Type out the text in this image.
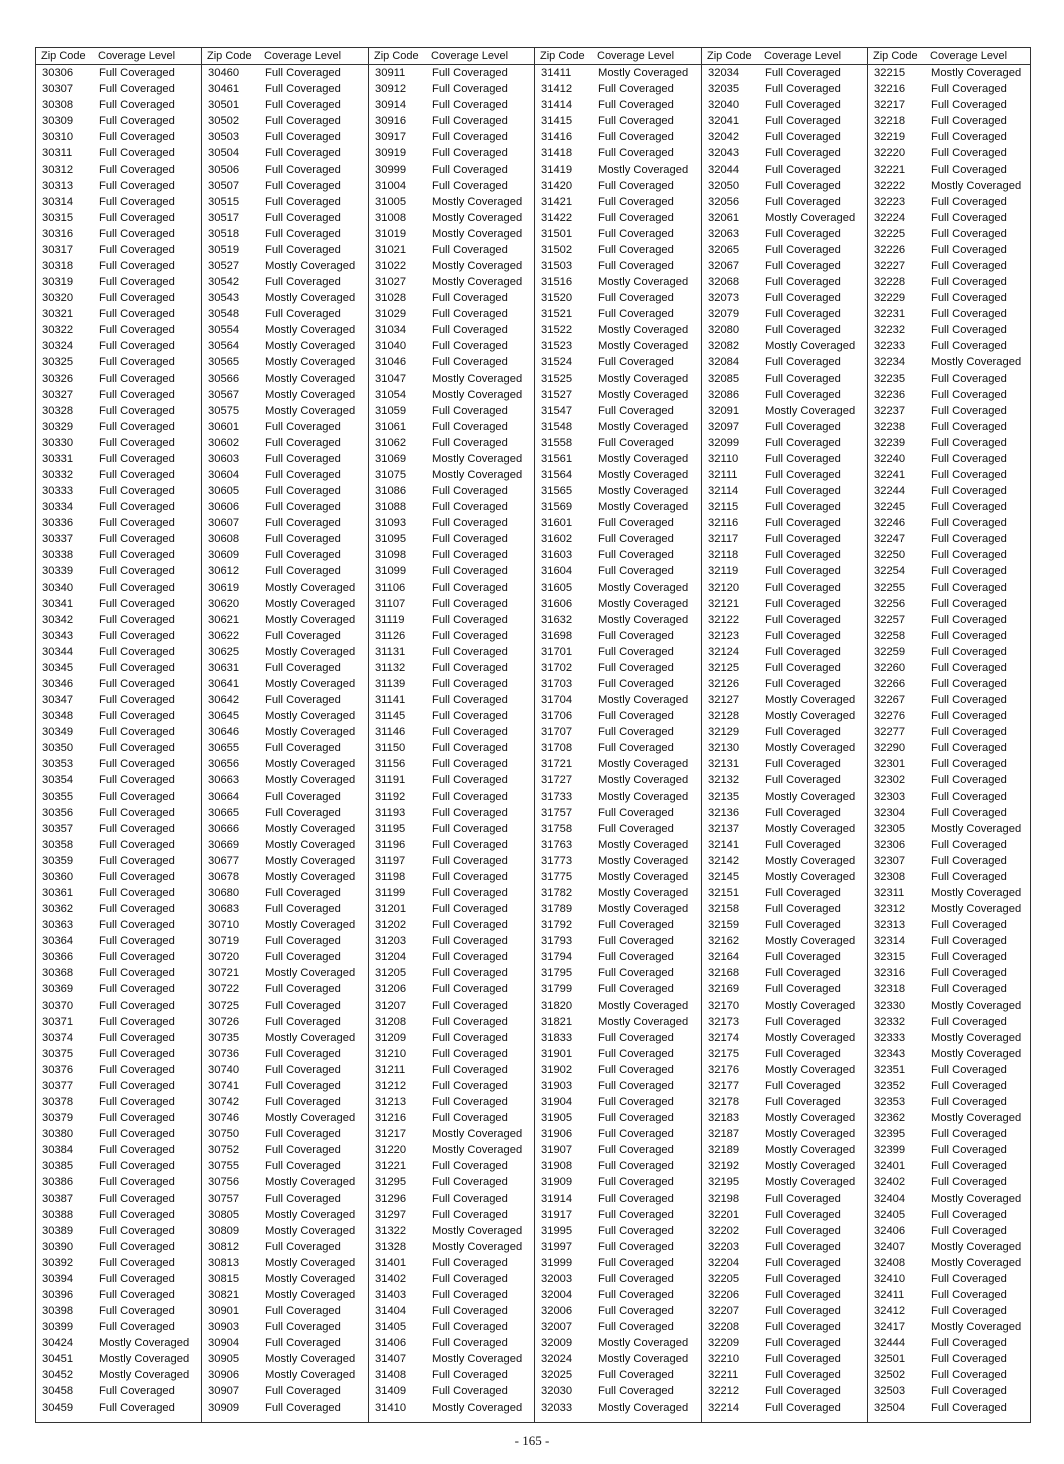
Zip Code	Coverage Level
30306	Full Coveraged
30307	Full Coveraged
30308	Full Coveraged
30309	Full Coveraged
30310	Full Coveraged
30311	Full Coveraged
30312	Full Coveraged
30313	Full Coveraged
30314	Full Coveraged
30315	Full Coveraged
30316	Full Coveraged
30317	Full Coveraged
30318	Full Coveraged
30319	Full Coveraged
30320	Full Coveraged
30321	Full Coveraged
30322	Full Coveraged
30324	Full Coveraged
30325	Full Coveraged
30326	Full Coveraged
30327	Full Coveraged
30328	Full Coveraged
30329	Full Coveraged
30330	Full Coveraged
30331	Full Coveraged
30332	Full Coveraged
30333	Full Coveraged
30334	Full Coveraged
30336	Full Coveraged
30337	Full Coveraged
30338	Full Coveraged
30339	Full Coveraged
30340	Full Coveraged
30341	Full Coveraged
30342	Full Coveraged
30343	Full Coveraged
30344	Full Coveraged
30345	Full Coveraged
30346	Full Coveraged
30347	Full Coveraged
30348	Full Coveraged
30349	Full Coveraged
30350	Full Coveraged
30353	Full Coveraged
30354	Full Coveraged
30355	Full Coveraged
30356	Full Coveraged
30357	Full Coveraged
30358	Full Coveraged
30359	Full Coveraged
30360	Full Coveraged
30361	Full Coveraged
30362	Full Coveraged
30363	Full Coveraged
30364	Full Coveraged
30366	Full Coveraged
30368	Full Coveraged
30369	Full Coveraged
30370	Full Coveraged
30371	Full Coveraged
30374	Full Coveraged
30375	Full Coveraged
30376	Full Coveraged
30377	Full Coveraged
30378	Full Coveraged
30379	Full Coveraged
30380	Full Coveraged
30384	Full Coveraged
30385	Full Coveraged
30386	Full Coveraged
30387	Full Coveraged
30388	Full Coveraged
30389	Full Coveraged
30390	Full Coveraged
30392	Full Coveraged
30394	Full Coveraged
30396	Full Coveraged
30398	Full Coveraged
30399	Full Coveraged
30424	Mostly Coveraged
30451	Mostly Coveraged
30452	Mostly Coveraged
30458	Full Coveraged
30459	Full Coveraged
Zip Code	Coverage Level
30460	Full Coveraged
30461	Full Coveraged
30501	Full Coveraged
30502	Full Coveraged
30503	Full Coveraged
30504	Full Coveraged
30506	Full Coveraged
30507	Full Coveraged
30515	Full Coveraged
30517	Full Coveraged
30518	Full Coveraged
30519	Full Coveraged
30527	Mostly Coveraged
30542	Full Coveraged
30543	Mostly Coveraged
30548	Full Coveraged
30554	Mostly Coveraged
30564	Mostly Coveraged
30565	Mostly Coveraged
30566	Mostly Coveraged
30567	Mostly Coveraged
30575	Mostly Coveraged
30601	Full Coveraged
30602	Full Coveraged
30603	Full Coveraged
30604	Full Coveraged
30605	Full Coveraged
30606	Full Coveraged
30607	Full Coveraged
30608	Full Coveraged
30609	Full Coveraged
30612	Full Coveraged
30619	Mostly Coveraged
30620	Mostly Coveraged
30621	Mostly Coveraged
30622	Full Coveraged
30625	Mostly Coveraged
30631	Full Coveraged
30641	Mostly Coveraged
30642	Full Coveraged
30645	Mostly Coveraged
30646	Mostly Coveraged
30655	Full Coveraged
30656	Mostly Coveraged
30663	Mostly Coveraged
30664	Full Coveraged
30665	Full Coveraged
30666	Mostly Coveraged
30669	Mostly Coveraged
30677	Mostly Coveraged
30678	Mostly Coveraged
30680	Full Coveraged
30683	Full Coveraged
30710	Mostly Coveraged
30719	Full Coveraged
30720	Full Coveraged
30721	Mostly Coveraged
30722	Full Coveraged
30725	Full Coveraged
30726	Full Coveraged
30735	Mostly Coveraged
30736	Full Coveraged
30740	Full Coveraged
30741	Full Coveraged
30742	Full Coveraged
30746	Mostly Coveraged
30750	Full Coveraged
30752	Full Coveraged
30755	Full Coveraged
30756	Mostly Coveraged
30757	Full Coveraged
30805	Mostly Coveraged
30809	Mostly Coveraged
30812	Full Coveraged
30813	Mostly Coveraged
30815	Mostly Coveraged
30821	Mostly Coveraged
30901	Full Coveraged
30903	Full Coveraged
30904	Full Coveraged
30905	Mostly Coveraged
30906	Mostly Coveraged
30907	Full Coveraged
30909	Full Coveraged
Zip Code	Coverage Level
30911	Full Coveraged
30912	Full Coveraged
30914	Full Coveraged
30916	Full Coveraged
30917	Full Coveraged
30919	Full Coveraged
30999	Full Coveraged
31004	Full Coveraged
31005	Mostly Coveraged
31008	Mostly Coveraged
31019	Mostly Coveraged
31021	Full Coveraged
31022	Mostly Coveraged
31027	Mostly Coveraged
31028	Full Coveraged
31029	Full Coveraged
31034	Full Coveraged
31040	Full Coveraged
31046	Full Coveraged
31047	Mostly Coveraged
31054	Mostly Coveraged
31059	Full Coveraged
31061	Full Coveraged
31062	Full Coveraged
31069	Mostly Coveraged
31075	Mostly Coveraged
31086	Full Coveraged
31088	Full Coveraged
31093	Full Coveraged
31095	Full Coveraged
31098	Full Coveraged
31099	Full Coveraged
31106	Full Coveraged
31107	Full Coveraged
31119	Full Coveraged
31126	Full Coveraged
31131	Full Coveraged
31132	Full Coveraged
31139	Full Coveraged
31141	Full Coveraged
31145	Full Coveraged
31146	Full Coveraged
31150	Full Coveraged
31156	Full Coveraged
31191	Full Coveraged
31192	Full Coveraged
31193	Full Coveraged
31195	Full Coveraged
31196	Full Coveraged
31197	Full Coveraged
31198	Full Coveraged
31199	Full Coveraged
31201	Full Coveraged
31202	Full Coveraged
31203	Full Coveraged
31204	Full Coveraged
31205	Full Coveraged
31206	Full Coveraged
31207	Full Coveraged
31208	Full Coveraged
31209	Full Coveraged
31210	Full Coveraged
31211	Full Coveraged
31212	Full Coveraged
31213	Full Coveraged
31216	Full Coveraged
31217	Mostly Coveraged
31220	Mostly Coveraged
31221	Full Coveraged
31295	Full Coveraged
31296	Full Coveraged
31297	Full Coveraged
31322	Mostly Coveraged
31328	Mostly Coveraged
31401	Full Coveraged
31402	Full Coveraged
31403	Full Coveraged
31404	Full Coveraged
31405	Full Coveraged
31406	Full Coveraged
31407	Mostly Coveraged
31408	Full Coveraged
31409	Full Coveraged
31410	Mostly Coveraged
Zip Code	Coverage Level
31411	Mostly Coveraged
31412	Full Coveraged
31414	Full Coveraged
31415	Full Coveraged
31416	Full Coveraged
31418	Full Coveraged
31419	Mostly Coveraged
31420	Full Coveraged
31421	Full Coveraged
31422	Full Coveraged
31501	Full Coveraged
31502	Full Coveraged
31503	Full Coveraged
31516	Mostly Coveraged
31520	Full Coveraged
31521	Full Coveraged
31522	Mostly Coveraged
31523	Mostly Coveraged
31524	Full Coveraged
31525	Mostly Coveraged
31527	Mostly Coveraged
31547	Full Coveraged
31548	Mostly Coveraged
31558	Full Coveraged
31561	Mostly Coveraged
31564	Mostly Coveraged
31565	Mostly Coveraged
31569	Mostly Coveraged
31601	Full Coveraged
31602	Full Coveraged
31603	Full Coveraged
31604	Full Coveraged
31605	Mostly Coveraged
31606	Mostly Coveraged
31632	Mostly Coveraged
31698	Full Coveraged
31701	Full Coveraged
31702	Full Coveraged
31703	Full Coveraged
31704	Mostly Coveraged
31706	Full Coveraged
31707	Full Coveraged
31708	Full Coveraged
31721	Mostly Coveraged
31727	Mostly Coveraged
31733	Mostly Coveraged
31757	Full Coveraged
31758	Full Coveraged
31763	Mostly Coveraged
31773	Mostly Coveraged
31775	Mostly Coveraged
31782	Mostly Coveraged
31789	Mostly Coveraged
31792	Full Coveraged
31793	Full Coveraged
31794	Full Coveraged
31795	Full Coveraged
31799	Full Coveraged
31820	Mostly Coveraged
31821	Mostly Coveraged
31833	Full Coveraged
31901	Full Coveraged
31902	Full Coveraged
31903	Full Coveraged
31904	Full Coveraged
31905	Full Coveraged
31906	Full Coveraged
31907	Full Coveraged
31908	Full Coveraged
31909	Full Coveraged
31914	Full Coveraged
31917	Full Coveraged
31995	Full Coveraged
31997	Full Coveraged
31999	Full Coveraged
32003	Full Coveraged
32004	Full Coveraged
32006	Full Coveraged
32007	Full Coveraged
32009	Mostly Coveraged
32024	Mostly Coveraged
32025	Full Coveraged
32030	Full Coveraged
32033	Mostly Coveraged
Zip Code	Coverage Level
32034	Full Coveraged
32035	Full Coveraged
32040	Full Coveraged
32041	Full Coveraged
32042	Full Coveraged
32043	Full Coveraged
32044	Full Coveraged
32050	Full Coveraged
32056	Full Coveraged
32061	Mostly Coveraged
32063	Full Coveraged
32065	Full Coveraged
32067	Full Coveraged
32068	Full Coveraged
32073	Full Coveraged
32079	Full Coveraged
32080	Full Coveraged
32082	Mostly Coveraged
32084	Full Coveraged
32085	Full Coveraged
32086	Full Coveraged
32091	Mostly Coveraged
32097	Full Coveraged
32099	Full Coveraged
32110	Full Coveraged
32111	Full Coveraged
32114	Full Coveraged
32115	Full Coveraged
32116	Full Coveraged
32117	Full Coveraged
32118	Full Coveraged
32119	Full Coveraged
32120	Full Coveraged
32121	Full Coveraged
32122	Full Coveraged
32123	Full Coveraged
32124	Full Coveraged
32125	Full Coveraged
32126	Full Coveraged
32127	Mostly Coveraged
32128	Mostly Coveraged
32129	Full Coveraged
32130	Mostly Coveraged
32131	Full Coveraged
32132	Full Coveraged
32135	Mostly Coveraged
32136	Full Coveraged
32137	Mostly Coveraged
32141	Full Coveraged
32142	Mostly Coveraged
32145	Mostly Coveraged
32151	Full Coveraged
32158	Full Coveraged
32159	Full Coveraged
32162	Mostly Coveraged
32164	Full Coveraged
32168	Full Coveraged
32169	Full Coveraged
32170	Mostly Coveraged
32173	Full Coveraged
32174	Mostly Coveraged
32175	Full Coveraged
32176	Mostly Coveraged
32177	Full Coveraged
32178	Full Coveraged
32183	Mostly Coveraged
32187	Mostly Coveraged
32189	Mostly Coveraged
32192	Mostly Coveraged
32195	Mostly Coveraged
32198	Full Coveraged
32201	Full Coveraged
32202	Full Coveraged
32203	Full Coveraged
32204	Full Coveraged
32205	Full Coveraged
32206	Full Coveraged
32207	Full Coveraged
32208	Full Coveraged
32209	Full Coveraged
32210	Full Coveraged
32211	Full Coveraged
32212	Full Coveraged
32214	Full Coveraged
Zip Code	Coverage Level
32215	Mostly Coveraged
32216	Full Coveraged
32217	Full Coveraged
32218	Full Coveraged
32219	Full Coveraged
32220	Full Coveraged
32221	Full Coveraged
32222	Mostly Coveraged
32223	Full Coveraged
32224	Full Coveraged
32225	Full Coveraged
32226	Full Coveraged
32227	Full Coveraged
32228	Full Coveraged
32229	Full Coveraged
32231	Full Coveraged
32232	Full Coveraged
32233	Full Coveraged
32234	Mostly Coveraged
32235	Full Coveraged
32236	Full Coveraged
32237	Full Coveraged
32238	Full Coveraged
32239	Full Coveraged
32240	Full Coveraged
32241	Full Coveraged
32244	Full Coveraged
32245	Full Coveraged
32246	Full Coveraged
32247	Full Coveraged
32250	Full Coveraged
32254	Full Coveraged
32255	Full Coveraged
32256	Full Coveraged
32257	Full Coveraged
32258	Full Coveraged
32259	Full Coveraged
32260	Full Coveraged
32266	Full Coveraged
32267	Full Coveraged
32276	Full Coveraged
32277	Full Coveraged
32290	Full Coveraged
32301	Full Coveraged
32302	Full Coveraged
32303	Full Coveraged
32304	Full Coveraged
32305	Mostly Coveraged
32306	Full Coveraged
32307	Full Coveraged
32308	Full Coveraged
32311	Mostly Coveraged
32312	Mostly Coveraged
32313	Full Coveraged
32314	Full Coveraged
32315	Full Coveraged
32316	Full Coveraged
32318	Full Coveraged
32330	Mostly Coveraged
32332	Full Coveraged
32333	Mostly Coveraged
32343	Mostly Coveraged
32351	Full Coveraged
32352	Full Coveraged
32353	Full Coveraged
32362	Mostly Coveraged
32395	Full Coveraged
32399	Full Coveraged
32401	Full Coveraged
32402	Full Coveraged
32404	Mostly Coveraged
32405	Full Coveraged
32406	Full Coveraged
32407	Mostly Coveraged
32408	Mostly Coveraged
32410	Full Coveraged
32411	Full Coveraged
32412	Full Coveraged
32417	Mostly Coveraged
32444	Full Coveraged
32501	Full Coveraged
32502	Full Coveraged
32503	Full Coveraged
32504	Full Coveraged
- 165 -
